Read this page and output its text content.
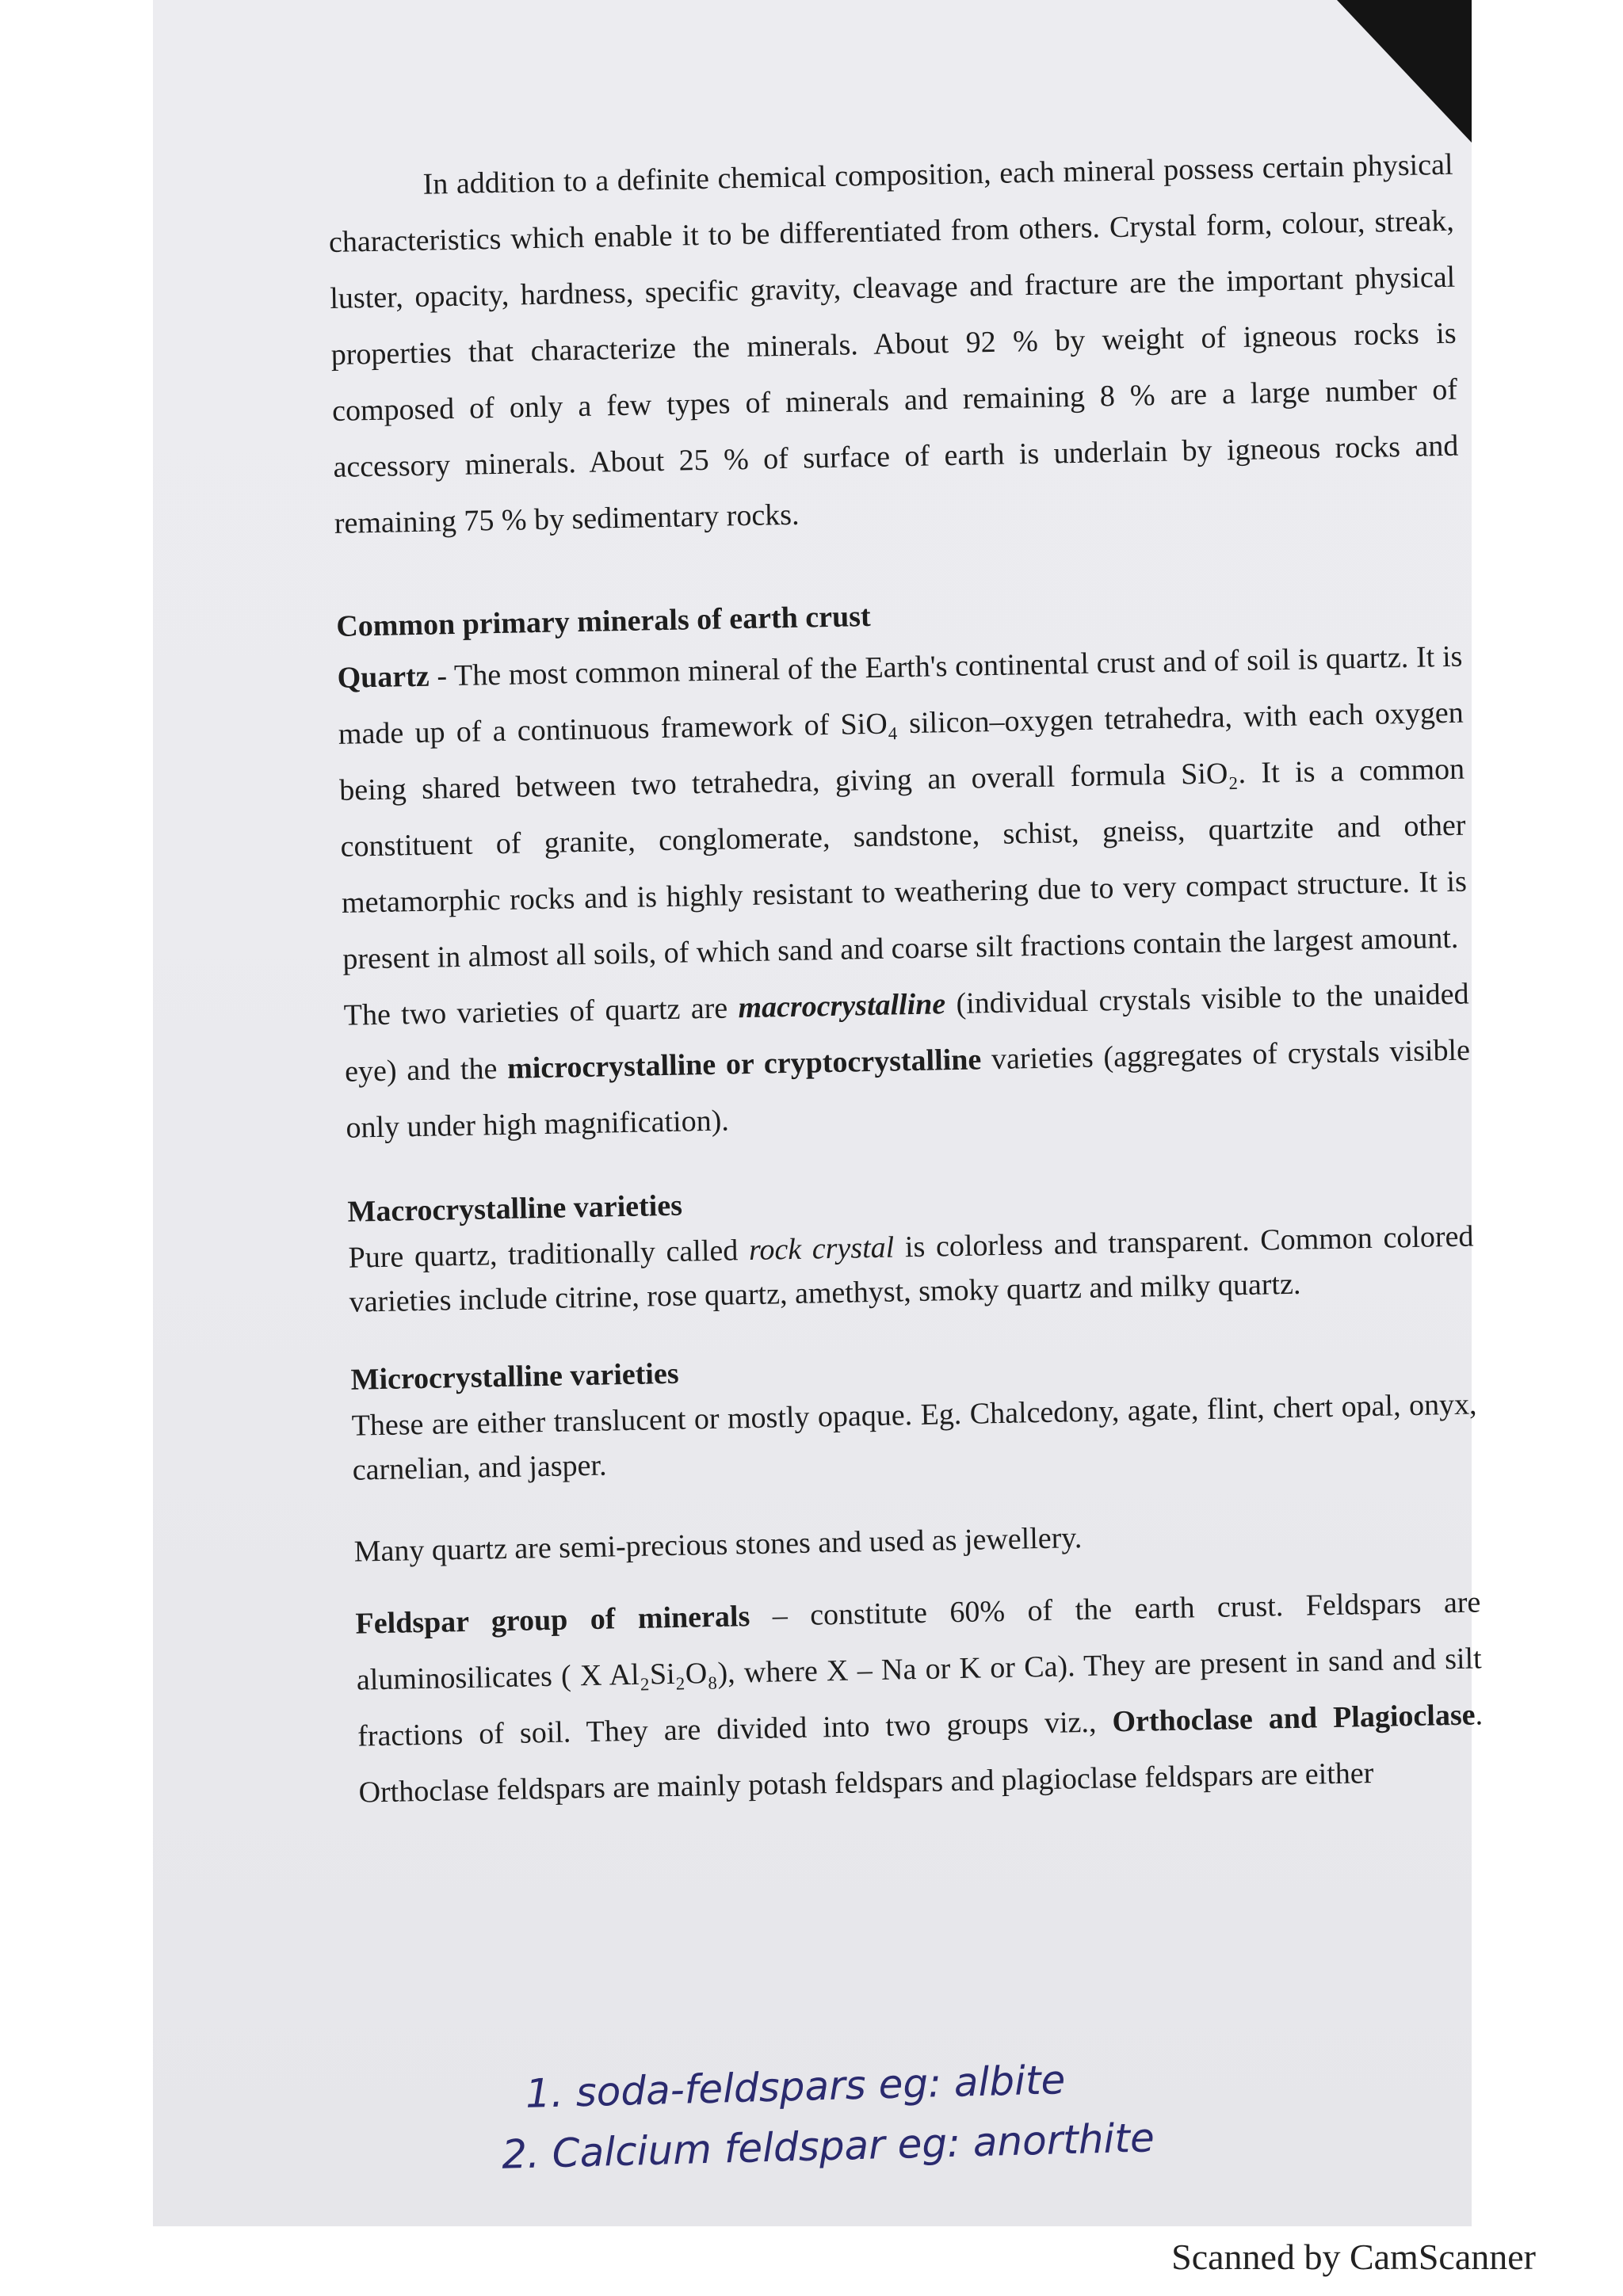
In addition to a definite chemical composition, each mineral possess certain physical characteristics which enable it to be differentiated from others. Crystal form, colour, streak, luster, opacity, hardness, specific gravity, cleavage and fracture are the important physical properties that characterize the minerals. About 92 % by weight of igneous rocks is composed of only a few types of minerals and remaining 8 % are a large number of accessory minerals. About 25 % of surface of earth is underlain by igneous rocks and remaining 75 % by sedimentary rocks.

Common primary minerals of earth crust

Quartz - The most common mineral of the Earth's continental crust and of soil is quartz. It is made up of a continuous framework of SiO₄ silicon–oxygen tetrahedra, with each oxygen being shared between two tetrahedra, giving an overall formula SiO₂. It is a common constituent of granite, conglomerate, sandstone, schist, gneiss, quartzite and other metamorphic rocks and is highly resistant to weathering due to very compact structure. It is present in almost all soils, of which sand and coarse silt fractions contain the largest amount.

The two varieties of quartz are macrocrystalline (individual crystals visible to the unaided eye) and the microcrystalline or cryptocrystalline varieties (aggregates of crystals visible only under high magnification).

Macrocrystalline varieties

Pure quartz, traditionally called rock crystal is colorless and transparent. Common colored varieties include citrine, rose quartz, amethyst, smoky quartz and milky quartz.

Microcrystalline varieties

These are either translucent or mostly opaque. Eg. Chalcedony, agate, flint, chert opal, onyx, carnelian, and jasper.

Many quartz are semi-precious stones and used as jewellery.

Feldspar group of minerals – constitute 60% of the earth crust. Feldspars are aluminosilicates ( X Al₂Si₂O₈), where X – Na or K or Ca). They are present in sand and silt fractions of soil. They are divided into two groups viz., Orthoclase and Plagioclase. Orthoclase feldspars are mainly potash feldspars and plagioclase feldspars are either

1. soda-feldspars eg: albite
2. Calcium feldspar eg: anorthite
Scanned by CamScanner
